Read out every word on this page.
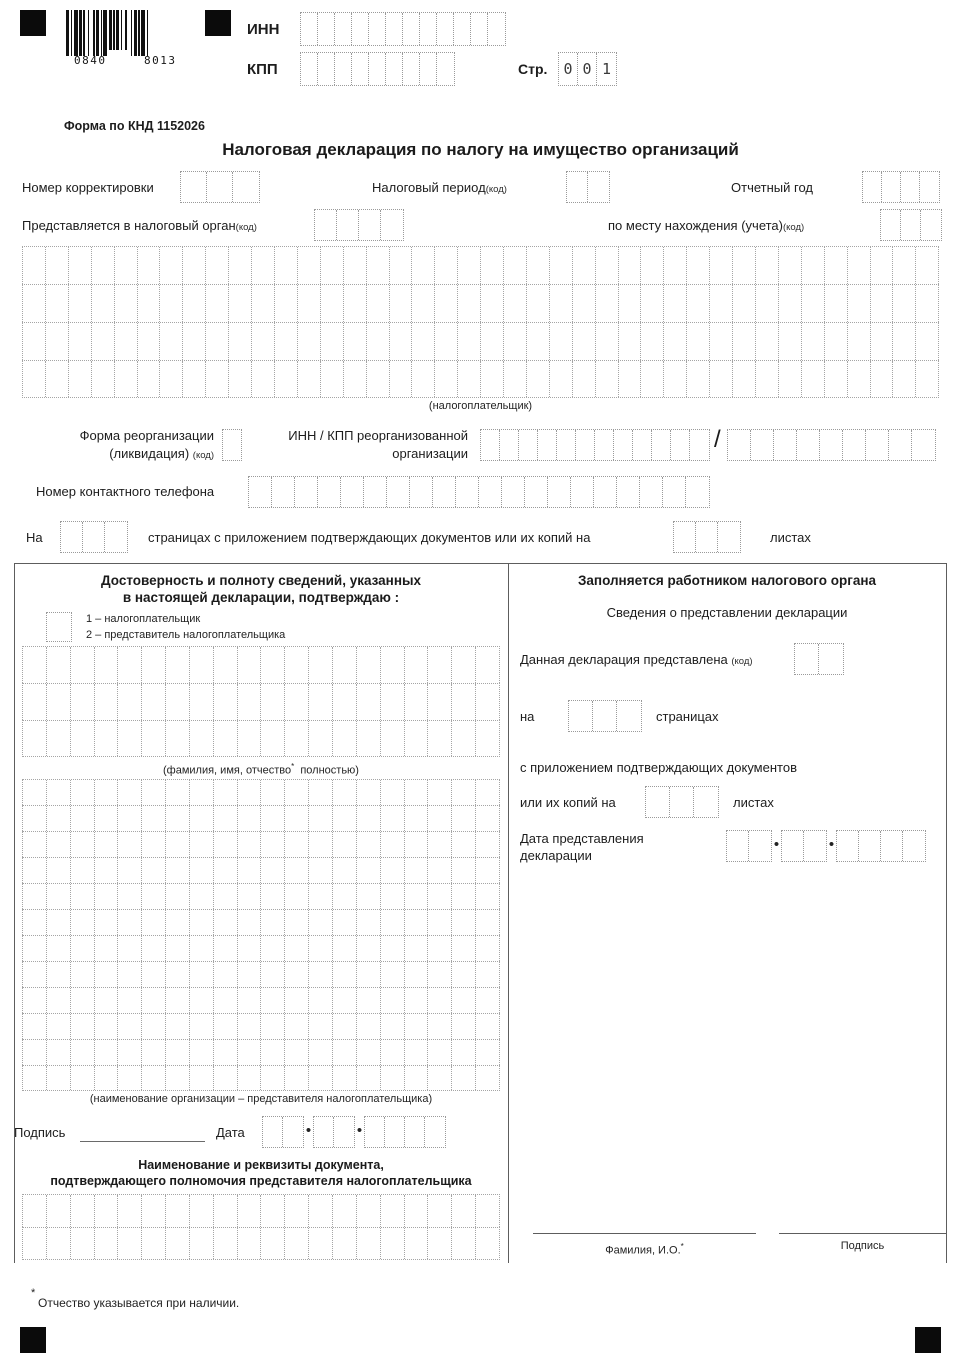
0840	8013
ИНН
КПП	Стр. 0 0 1
Форма по КНД 1152026
Налоговая декларация по налогу на имущество организаций
Номер корректировки	Налоговый период(код)	Отчетный год
Представляется в налоговый орган(код)	по месту нахождения (учета)(код)
(налогоплательщик)
Форма реорганизации
(ликвидация) (код)
ИНН / КПП реорганизованной
организации
/
Номер контактного телефона
На	страницах с приложением подтверждающих документов или их копий на	листах
Достоверность и полноту сведений, указанных
в настоящей декларации, подтверждаю :
1 – налогоплательщик
2 – представитель налогоплательщика
(фамилия, имя, отчество* полностью)
(наименование организации – представителя налогоплательщика)
Подпись	Дата	•	•
Наименование и реквизиты документа,
подтверждающего полномочия представителя налогоплательщика
Заполняется работником налогового органа
Сведения о представлении декларации
Данная декларация представлена (код)
на	страницах
с приложением подтверждающих документов
или их копий на	листах
Дата представления
декларации
•	•
Фамилия, И.О.*	Подпись
*
Отчество указывается при наличии.
